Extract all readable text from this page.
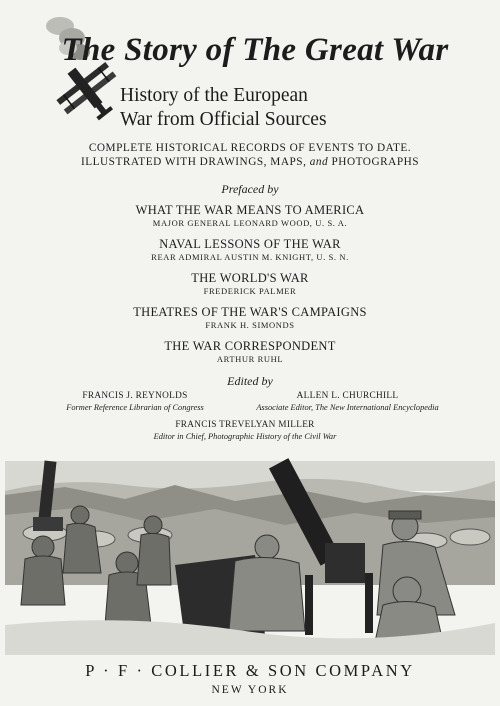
The Story of The Great War
History of the European
War from Official Sources
COMPLETE HISTORICAL RECORDS OF EVENTS TO DATE.
ILLUSTRATED WITH DRAWINGS, MAPS, and PHOTOGRAPHS
Prefaced by
WHAT THE WAR MEANS TO AMERICA
MAJOR GENERAL LEONARD WOOD, U. S. A.
NAVAL LESSONS OF THE WAR
REAR ADMIRAL AUSTIN M. KNIGHT, U. S. N.
THE WORLD'S WAR
FREDERICK PALMER
THEATRES OF THE WAR'S CAMPAIGNS
FRANK H. SIMONDS
THE WAR CORRESPONDENT
ARTHUR RUHL
Edited by
FRANCIS J. REYNOLDS
Former Reference Librarian of Congress
ALLEN L. CHURCHILL
Associate Editor, The New International Encyclopedia
FRANCIS TREVELYAN MILLER
Editor in Chief, Photographic History of the Civil War
P · F · COLLIER & SON COMPANY
NEW YORK
